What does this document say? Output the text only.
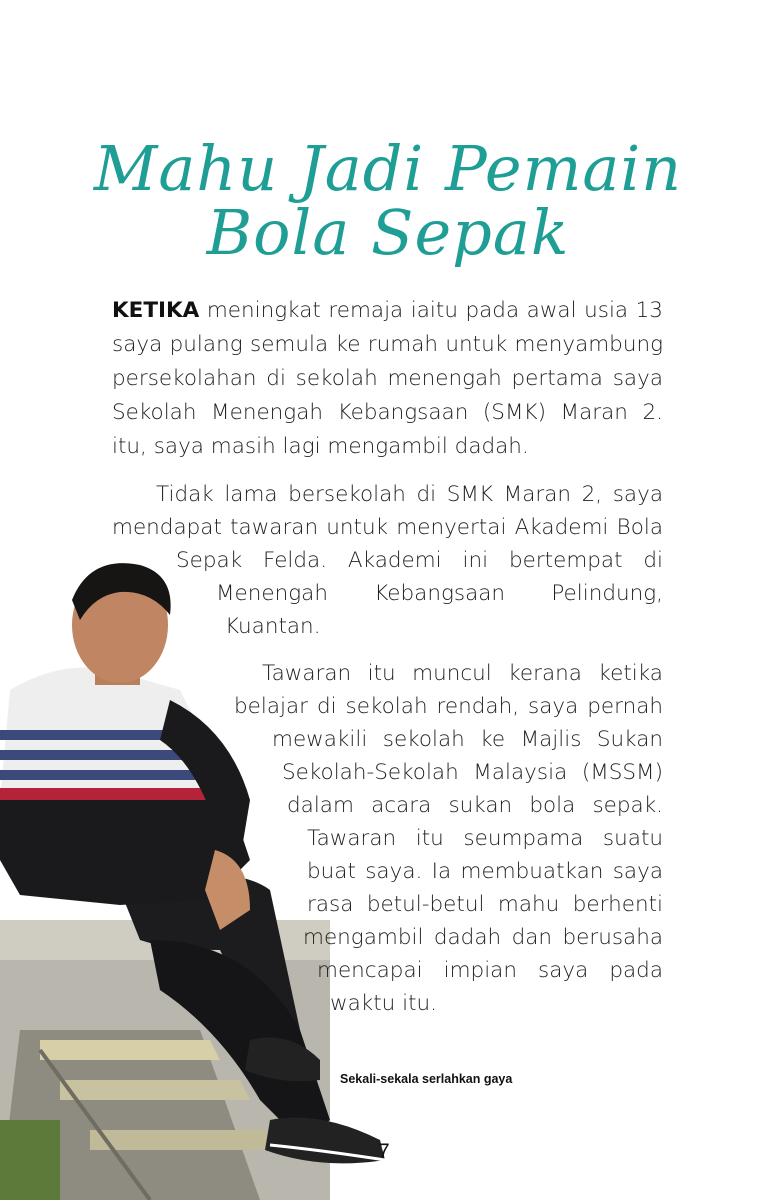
Mahu Jadi Pemain
Bola Sepak
KETIKA meningkat remaja iaitu pada awal usia 13
saya pulang semula ke rumah untuk menyambung
persekolahan di sekolah menengah pertama saya
Sekolah Menengah Kebangsaan (SMK) Maran 2.
itu, saya masih lagi mengambil dadah.
Tidak lama bersekolah di SMK Maran 2, saya
mendapat tawaran untuk menyertai Akademi Bola
Sepak Felda. Akademi ini bertempat di
Menengah Kebangsaan Pelindung,
Kuantan.
Tawaran itu muncul kerana ketika
belajar di sekolah rendah, saya pernah
mewakili sekolah ke Majlis Sukan
Sekolah-Sekolah Malaysia (MSSM)
dalam acara sukan bola sepak.
Tawaran itu seumpama suatu
buat saya. Ia membuatkan saya
rasa betul-betul mahu berhenti
mengambil dadah dan berusaha
mencapai impian saya pada
waktu itu.
Sekali-sekala serlahkan gaya
7
